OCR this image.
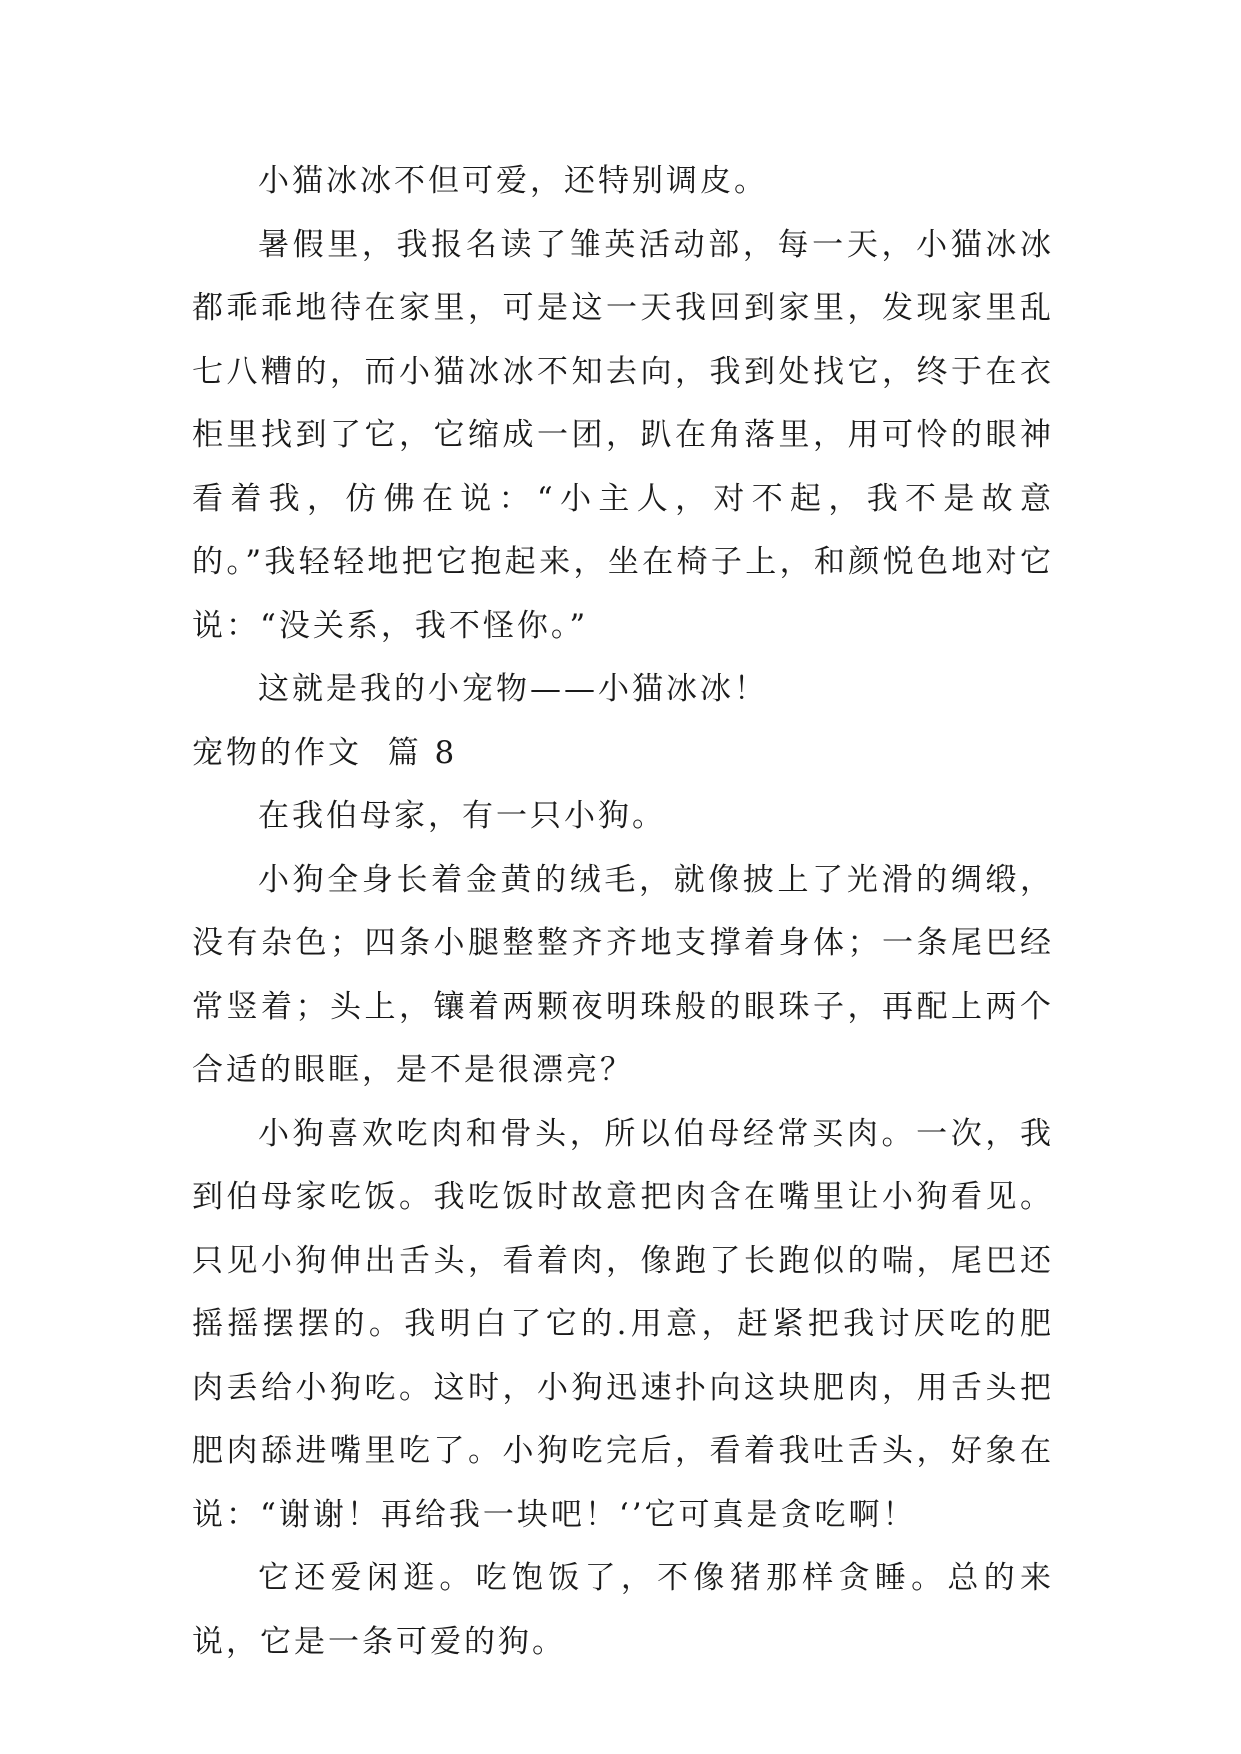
小猫冰冰不但可爱，还特别调皮。

暑假里，我报名读了雏英活动部，每一天，小猫冰冰都乖乖地待在家里，可是这一天我回到家里，发现家里乱七八糟的，而小猫冰冰不知去向，我到处找它，终于在衣柜里找到了它，它缩成一团，趴在角落里，用可怜的眼神看着我，仿佛在说：“小主人，对不起，我不是故意的。”我轻轻地把它抱起来，坐在椅子上，和颜悦色地对它说：“没关系，我不怪你。”

这就是我的小宠物——小猫冰冰！

宠物的作文  篇 8

在我伯母家，有一只小狗。

小狗全身长着金黄的绒毛，就像披上了光滑的绸缎，没有杂色；四条小腿整整齐齐地支撑着身体；一条尾巴经常竖着；头上，镶着两颗夜明珠般的眼珠子，再配上两个合适的眼眶，是不是很漂亮？

小狗喜欢吃肉和骨头，所以伯母经常买肉。一次，我到伯母家吃饭。我吃饭时故意把肉含在嘴里让小狗看见。只见小狗伸出舌头，看着肉，像跑了长跑似的喘，尾巴还摇摇摆摆的。我明白了它的.用意，赶紧把我讨厌吃的肥肉丢给小狗吃。这时，小狗迅速扑向这块肥肉，用舌头把肥肉舔进嘴里吃了。小狗吃完后，看着我吐舌头，好象在说：“谢谢！再给我一块吧！‘’它可真是贪吃啊！

它还爱闲逛。吃饱饭了，不像猪那样贪睡。总的来说，它是一条可爱的狗。
